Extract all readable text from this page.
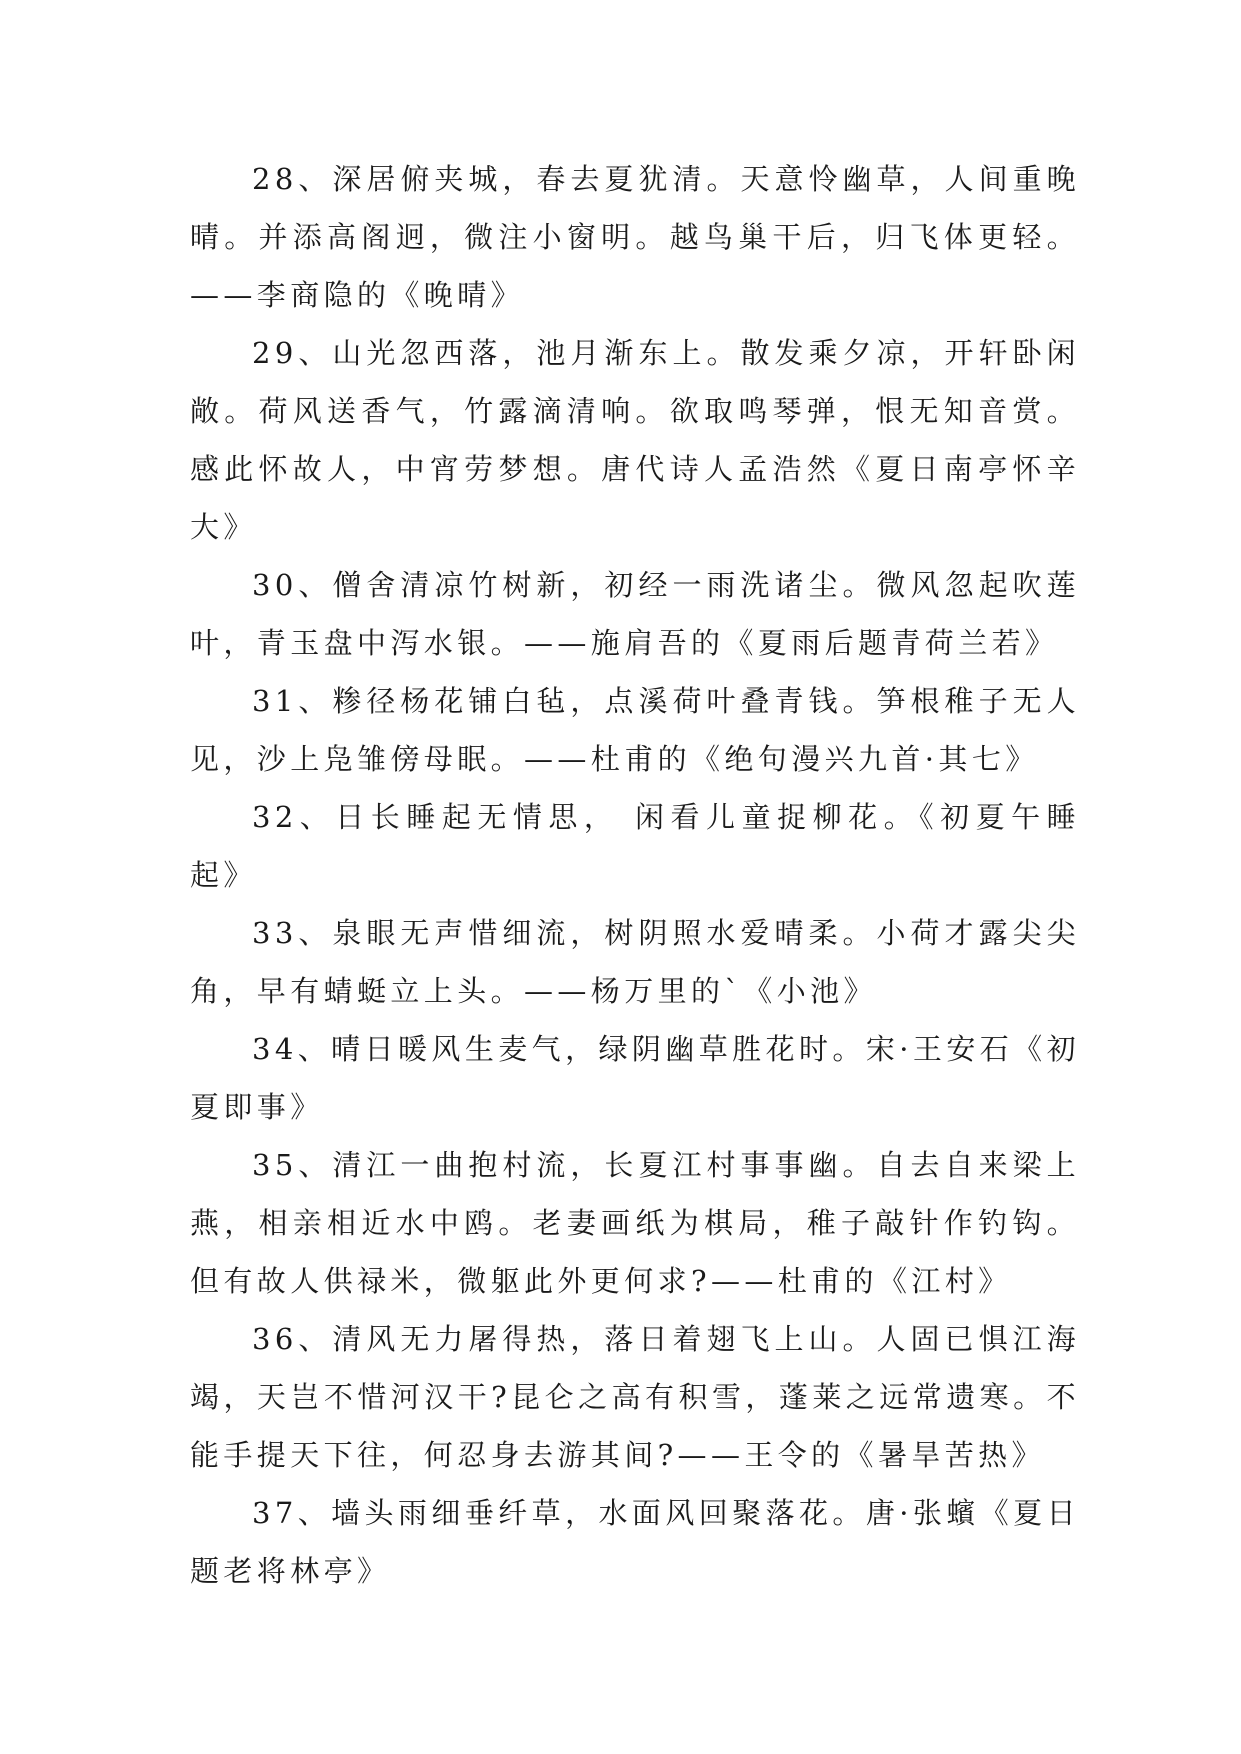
28、深居俯夹城，春去夏犹清。天意怜幽草，人间重晚晴。并添高阁迥，微注小窗明。越鸟巢干后，归飞体更轻。——李商隐的《晚晴》

29、山光忽西落，池月渐东上。散发乘夕凉，开轩卧闲敞。荷风送香气，竹露滴清响。欲取鸣琴弹，恨无知音赏。感此怀故人，中宵劳梦想。唐代诗人孟浩然《夏日南亭怀辛大》

30、僧舍清凉竹树新，初经一雨洗诸尘。微风忽起吹莲叶，青玉盘中泻水银。——施肩吾的《夏雨后题青荷兰若》

31、糁径杨花铺白毡，点溪荷叶叠青钱。笋根稚子无人见，沙上凫雏傍母眠。——杜甫的《绝句漫兴九首·其七》

32、日长睡起无情思， 闲看儿童捉柳花。《初夏午睡起》

33、泉眼无声惜细流，树阴照水爱晴柔。小荷才露尖尖角，早有蜻蜓立上头。——杨万里的`《小池》

34、晴日暖风生麦气，绿阴幽草胜花时。宋·王安石《初夏即事》

35、清江一曲抱村流，长夏江村事事幽。自去自来梁上燕，相亲相近水中鸥。老妻画纸为棋局，稚子敲针作钓钩。但有故人供禄米，微躯此外更何求?——杜甫的《江村》

36、清风无力屠得热，落日着翅飞上山。人固已惧江海竭，天岂不惜河汉干?昆仑之高有积雪，蓬莱之远常遗寒。不能手提天下往，何忍身去游其间?——王令的《暑旱苦热》

37、墙头雨细垂纤草，水面风回聚落花。唐·张蠙《夏日题老将林亭》
